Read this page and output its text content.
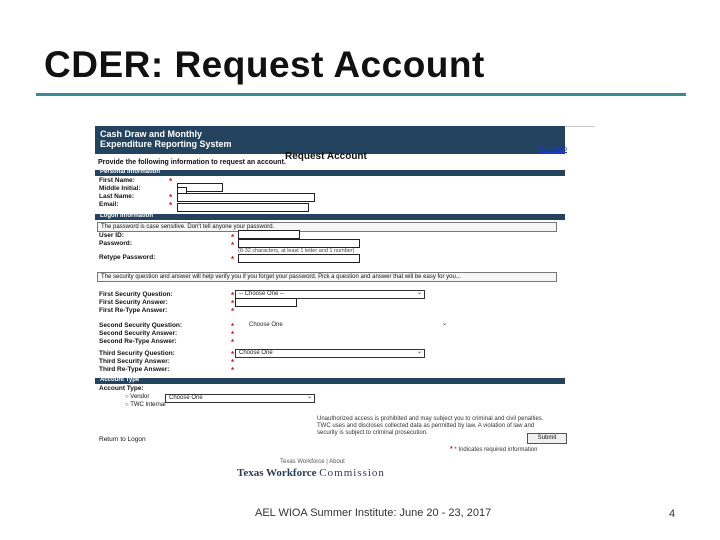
CDER: Request Account
Cash Draw and Monthly
Expenditure Reporting System
Site Help
Request Account
Provide the following information to request an account.
Personal Information
First Name:	*
Middle Initial:
Last Name:	*
Email:	*
Logon Information
The password is case sensitive. Don't tell anyone your password.
User ID:	*
Password:	*
(8-32 characters, at least 1 letter and 1 number)
Retype Password:	*
The security question and answer will help verify you if you forget your password. Pick a question and answer that will be easy for you...
First Security Question:	* -- Choose One --	⌄
First Security Answer:	*
First Re-Type Answer:	*
Second Security Question:	*	Choose One	⌄
Second Security Answer:	*
Second Re-Type Answer:	*
Third Security Question:	* Choose One	⌄
Third Security Answer:	*
Third Re-Type Answer:	*
Account Type
Account Type:
○ Vendor	Choose One	⌄
○ TWC Internal
Unauthorized access is prohibited and may subject you to criminal and civil penalties. TWC uses and discloses collected data as permitted by law. A violation of law and security is subject to criminal prosecution.
Submit
Return to Logon
* * Indicates required information
Texas Workforce | About
Texas Workforce Commission
AEL WIOA Summer Institute: June 20 - 23, 2017	4
